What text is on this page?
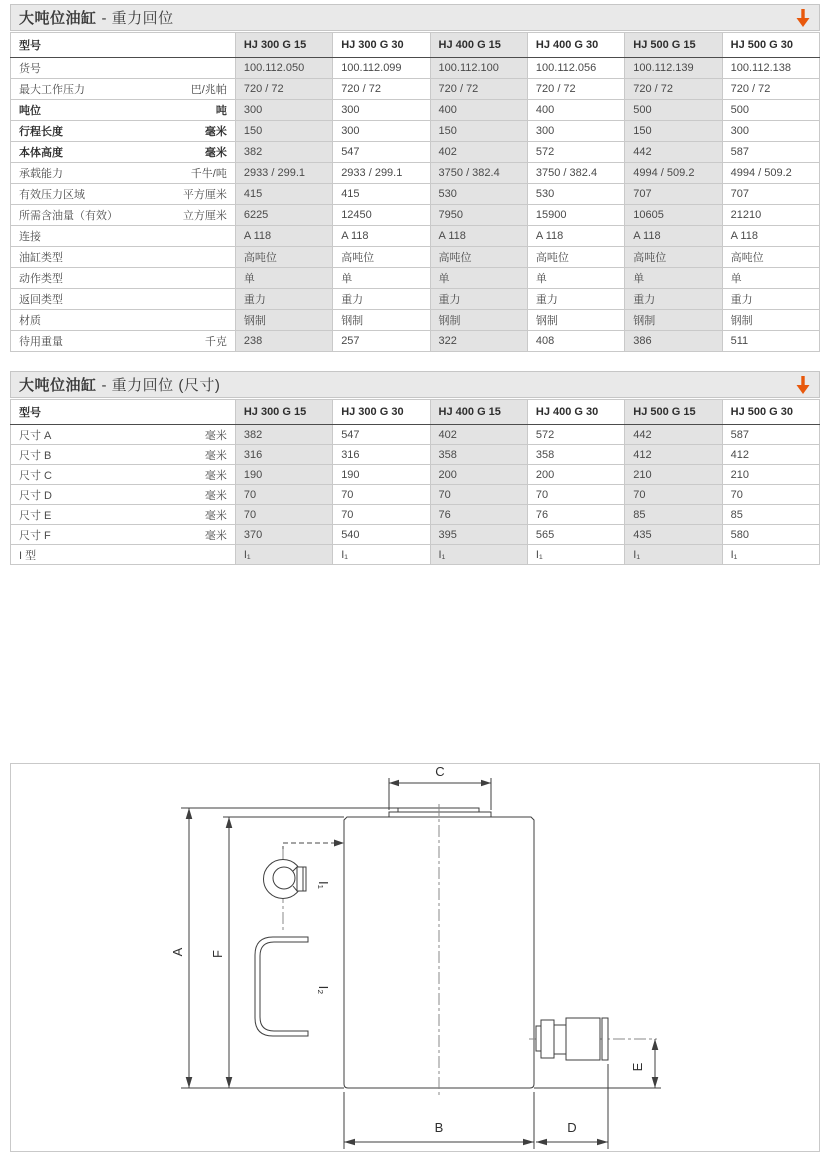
大吨位油缸 - 重力回位
型号	HJ 300 G 15	HJ 300 G 30	HJ 400 G 15	HJ 400 G 30	HJ 500 G 15	HJ 500 G 30

货号	100.112.050	100.112.099	100.112.100	100.112.056	100.112.139	100.112.138

最大工作压力 巴/兆帕	720 / 72	720 / 72	720 / 72	720 / 72	720 / 72	720 / 72

吨位 吨	300	300	400	400	500	500

行程长度 毫米	150	300	150	300	150	300

本体高度 毫米	382	547	402	572	442	587

承载能力 千牛/吨	2933 / 299.1	2933 / 299.1	3750 / 382.4	3750 / 382.4	4994 / 509.2	4994 / 509.2

有效压力区域 平方厘米	415	415	530	530	707	707

所需含油量（有效） 立方厘米	6225	12450	7950	15900	10605	21210

连接	A 118	A 118	A 118	A 118	A 118	A 118

油缸类型	高吨位	高吨位	高吨位	高吨位	高吨位	高吨位

动作类型	单	单	单	单	单	单

返回类型	重力	重力	重力	重力	重力	重力

材质	钢制	钢制	钢制	钢制	钢制	钢制

待用重量 千克	238	257	322	408	386	511
大吨位油缸 - 重力回位 (尺寸)
型号	HJ 300 G 15	HJ 300 G 30	HJ 400 G 15	HJ 400 G 30	HJ 500 G 15	HJ 500 G 30

尺寸 A 毫米	382	547	402	572	442	587

尺寸 B 毫米	316	316	358	358	412	412

尺寸 C 毫米	190	190	200	200	210	210

尺寸 D 毫米	70	70	70	70	70	70

尺寸 E 毫米	70	70	76	76	85	85

尺寸 F 毫米	370	540	395	565	435	580

I 型	I₁	I₁	I₁	I₁	I₁	I₁
C
A F
I₁
I₂
E
B	D
